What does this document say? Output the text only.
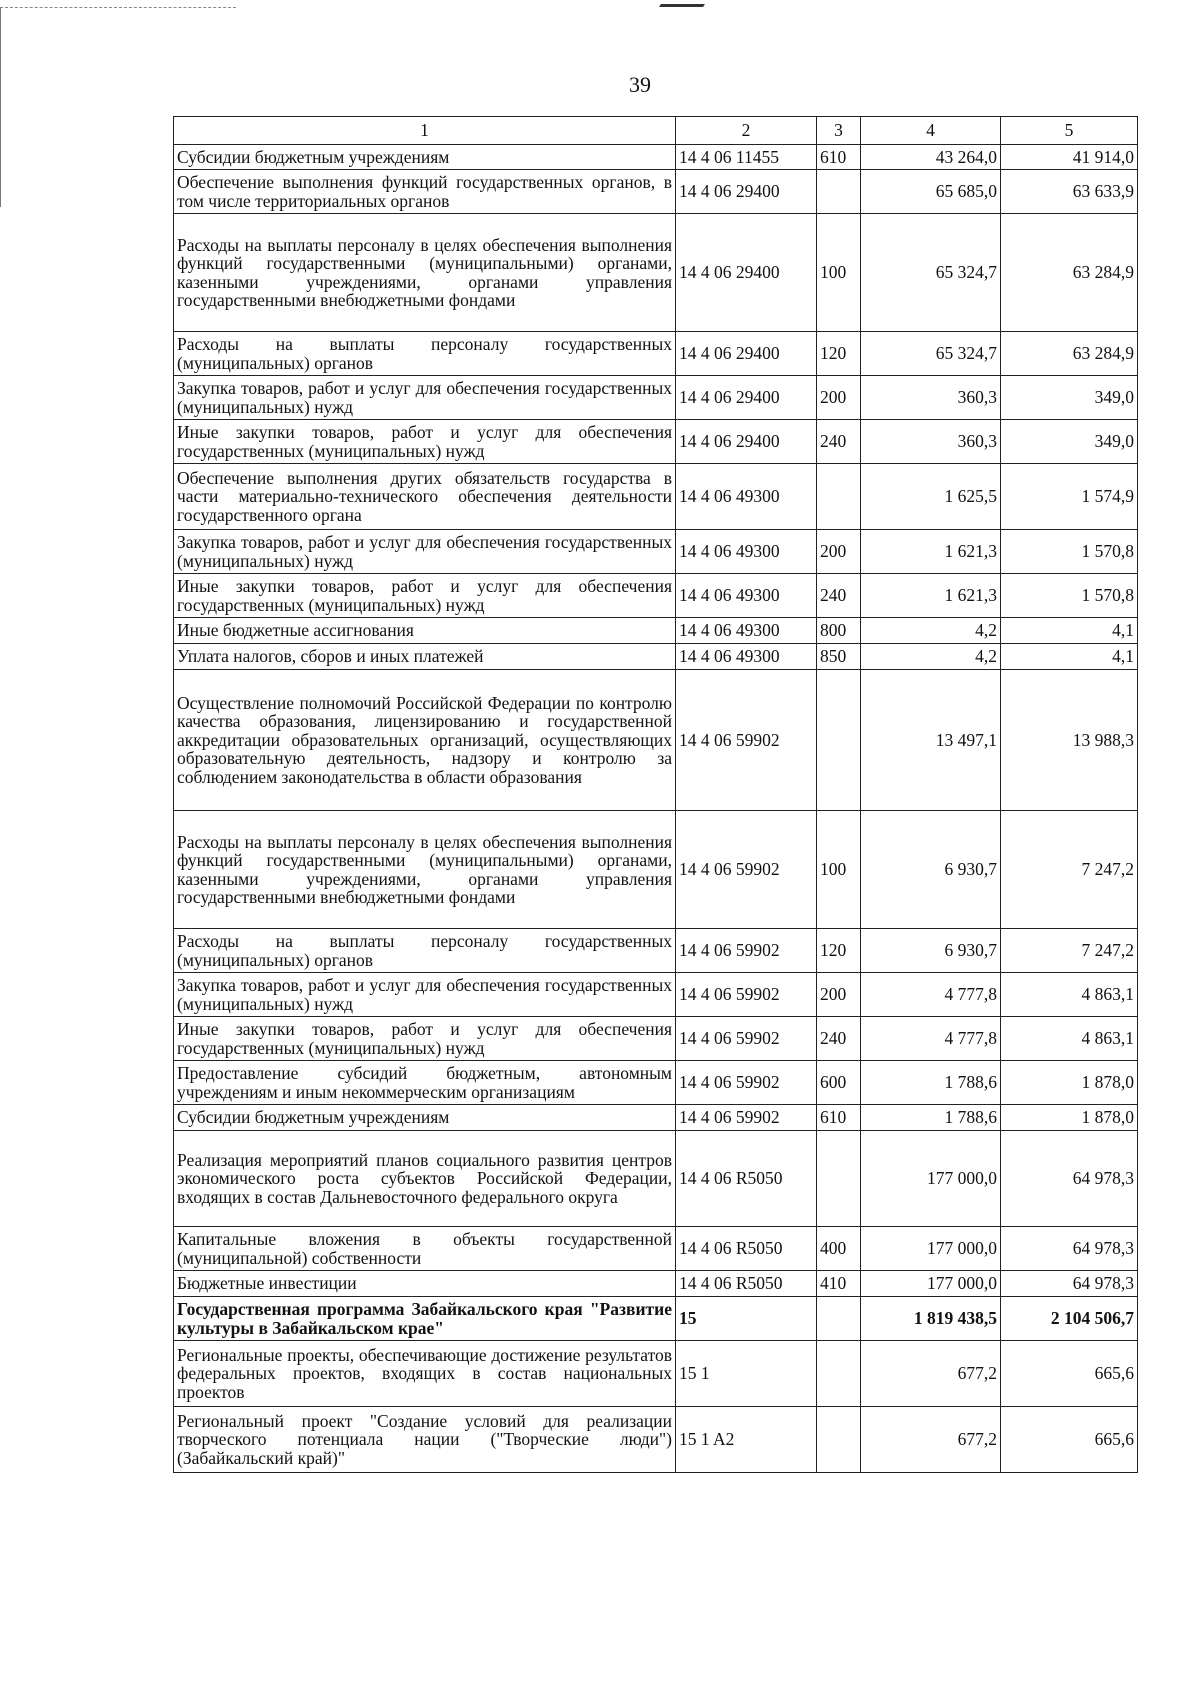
39
1	2	3	4	5
Субсидии бюджетным учреждениям	14 4 06 11455	610	43 264,0	41 914,0
Обеспечение выполнения функций государственных органов, в том числе территориальных органов	14 4 06 29400		65 685,0	63 633,9
Расходы на выплаты персоналу в целях обеспечения выполнения функций государственными (муниципальными) органами, казенными учреждениями, органами управления государственными внебюджетными фондами	14 4 06 29400	100	65 324,7	63 284,9
Расходы на выплаты персоналу государственных (муниципальных) органов	14 4 06 29400	120	65 324,7	63 284,9
Закупка товаров, работ и услуг для обеспечения государственных (муниципальных) нужд	14 4 06 29400	200	360,3	349,0
Иные закупки товаров, работ и услуг для обеспечения государственных (муниципальных) нужд	14 4 06 29400	240	360,3	349,0
Обеспечение выполнения других обязательств государства в части материально-технического обеспечения деятельности государственного органа	14 4 06 49300		1 625,5	1 574,9
Закупка товаров, работ и услуг для обеспечения государственных (муниципальных) нужд	14 4 06 49300	200	1 621,3	1 570,8
Иные закупки товаров, работ и услуг для обеспечения государственных (муниципальных) нужд	14 4 06 49300	240	1 621,3	1 570,8
Иные бюджетные ассигнования	14 4 06 49300	800	4,2	4,1
Уплата налогов, сборов и иных платежей	14 4 06 49300	850	4,2	4,1
Осуществление полномочий Российской Федерации по контролю качества образования, лицензированию и государственной аккредитации образовательных организаций, осуществляющих образовательную деятельность, надзору и контролю за соблюдением законодательства в области образования	14 4 06 59902		13 497,1	13 988,3
Расходы на выплаты персоналу в целях обеспечения выполнения функций государственными (муниципальными) органами, казенными учреждениями, органами управления государственными внебюджетными фондами	14 4 06 59902	100	6 930,7	7 247,2
Расходы на выплаты персоналу государственных (муниципальных) органов	14 4 06 59902	120	6 930,7	7 247,2
Закупка товаров, работ и услуг для обеспечения государственных (муниципальных) нужд	14 4 06 59902	200	4 777,8	4 863,1
Иные закупки товаров, работ и услуг для обеспечения государственных (муниципальных) нужд	14 4 06 59902	240	4 777,8	4 863,1
Предоставление субсидий бюджетным, автономным учреждениям и иным некоммерческим организациям	14 4 06 59902	600	1 788,6	1 878,0
Субсидии бюджетным учреждениям	14 4 06 59902	610	1 788,6	1 878,0
Реализация мероприятий планов социального развития центров экономического роста субъектов Российской Федерации, входящих в состав Дальневосточного федерального округа	14 4 06 R5050		177 000,0	64 978,3
Капитальные вложения в объекты государственной (муниципальной) собственности	14 4 06 R5050	400	177 000,0	64 978,3
Бюджетные инвестиции	14 4 06 R5050	410	177 000,0	64 978,3
Государственная программа Забайкальского края "Развитие культуры в Забайкальском крае"	15		1 819 438,5	2 104 506,7
Региональные проекты, обеспечивающие достижение результатов федеральных проектов, входящих в состав национальных проектов	15 1		677,2	665,6
Региональный проект "Создание условий для реализации творческого потенциала нации ("Творческие люди") (Забайкальский край)"	15 1 A2		677,2	665,6
